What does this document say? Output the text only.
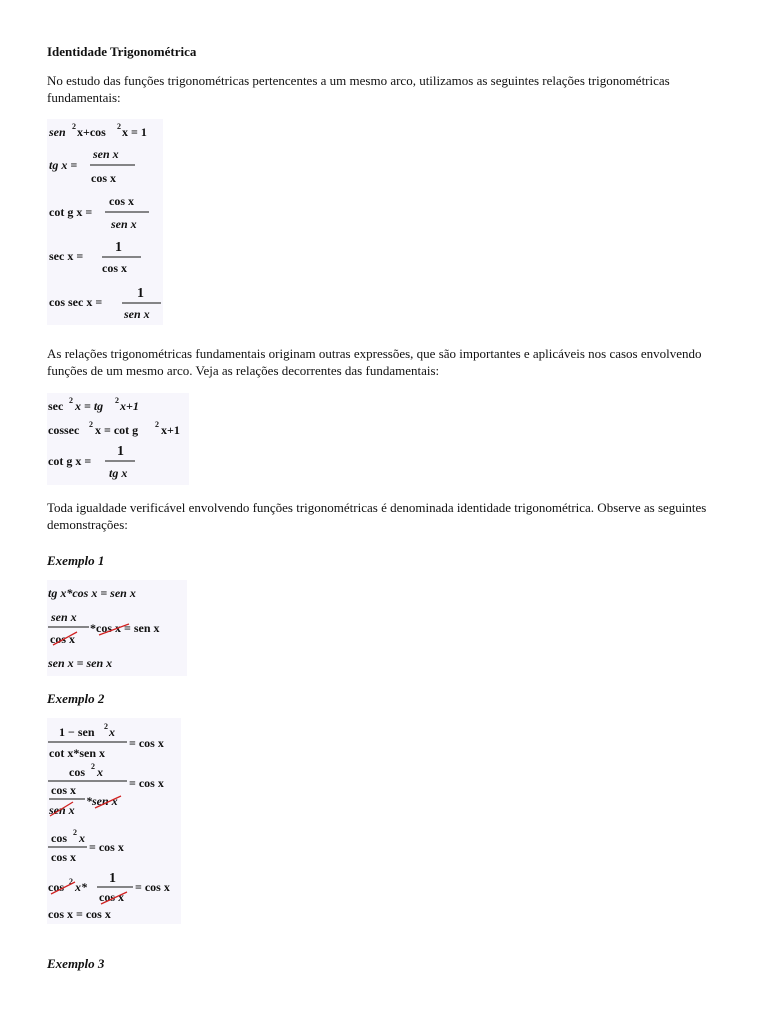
Identidade Trigonométrica
No estudo das funções trigonométricas pertencentes a um mesmo arco, utilizamos as seguintes relações trigonométricas fundamentais:
sen 2 x+cos 2 x = 1
tg x =
sen x
cos x
cot g x =
cos x
sen x
sec x =
1
cos x
cos sec x =
1
sen x
As relações trigonométricas fundamentais originam outras expressões, que são importantes e aplicáveis nos casos envolvendo funções de um mesmo arco. Veja as relações decorrentes das fundamentais:
sec 2 x = tg 2 x+1
cossec 2 x = cot g 2 x+1
cot g x =
1
tg x
Toda igualdade verificável envolvendo funções trigonométricas é denominada identidade trigonométrica. Observe as seguintes demonstrações:
Exemplo 1
tg x*cos x = sen x
sen x
cos x
*cos x = sen x
sen x = sen x
Exemplo 2
1 − sen 2 x
cot x*sen x
= cos x
cos 2 x
cos x
sen x
*sen x
= cos x
cos 2 x
cos x
= cos x
cos 2 x*
1
cos x
= cos x
cos x = cos x
Exemplo 3
